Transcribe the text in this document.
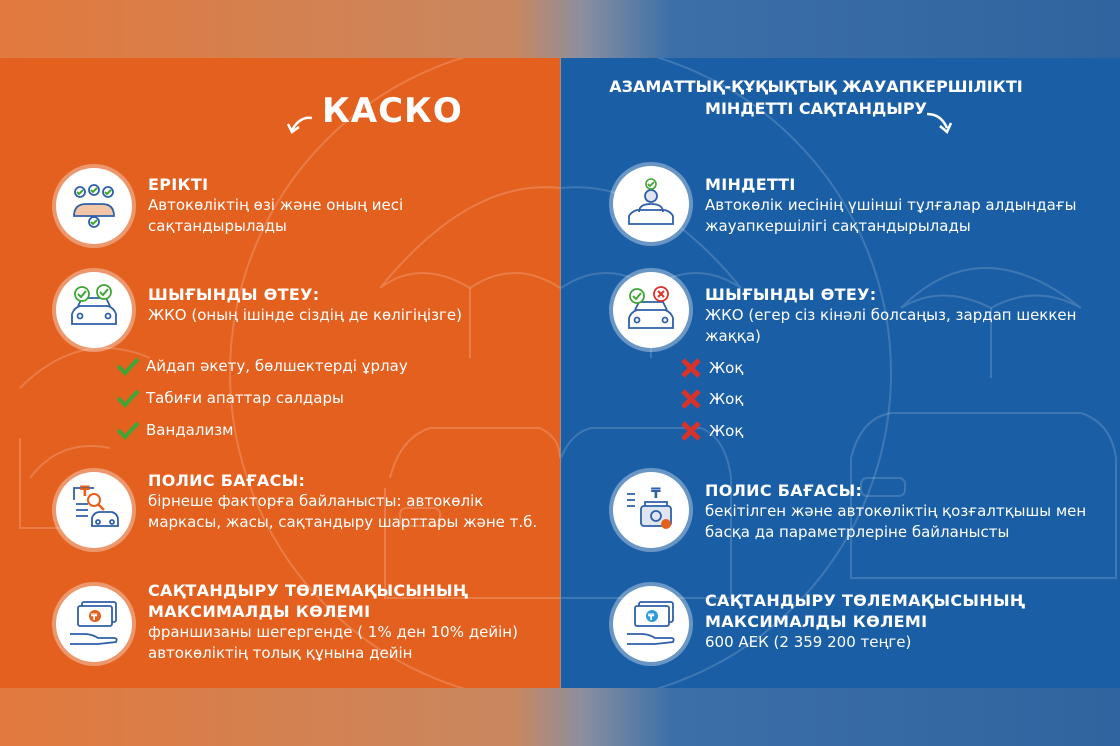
КАСКО
ЕРІКТІ
Автокөліктің өзі және оның иесі сақтандырылады
ШЫҒЫНДЫ ӨТЕУ:
ЖКО (оның ішінде сіздің де көлігіңізге)
Айдап әкету, бөлшектерді ұрлау
Табиғи апаттар салдары
Вандализм
₸
ПОЛИС БАҒАСЫ:
бірнеше факторға байланысты: автокөлік маркасы, жасы, сақтандыру шарттары және т.б.
₸
САҚТАНДЫРУ ТӨЛЕМАҚЫСЫНЫҢ МАКСИМАЛДЫ КӨЛЕМІ
франшизаны шегергенде ( 1% ден 10% дейін) автокөліктің толық құнына дейін
АЗАМАТТЫҚ-ҚҰҚЫҚТЫҚ ЖАУАПКЕРШІЛІКТІ МІНДЕТТІ САҚТАНДЫРУ
МІНДЕТТІ
Автокөлік иесінің үшінші тұлғалар алдындағы жауапкершілігі сақтандырылады
ШЫҒЫНДЫ ӨТЕУ:
ЖКО (егер сіз кінәлі болсаңыз, зардап шеккен жаққа)
Жоқ
Жоқ
Жоқ
₸	ПОЛИС БАҒАСЫ:
бекітілген және автокөліктің қозғалтқышы мен басқа да параметрлеріне байланысты
₸
САҚТАНДЫРУ ТӨЛЕМАҚЫСЫНЫҢ МАКСИМАЛДЫ КӨЛЕМІ
600 АЕК (2 359 200 теңге)
